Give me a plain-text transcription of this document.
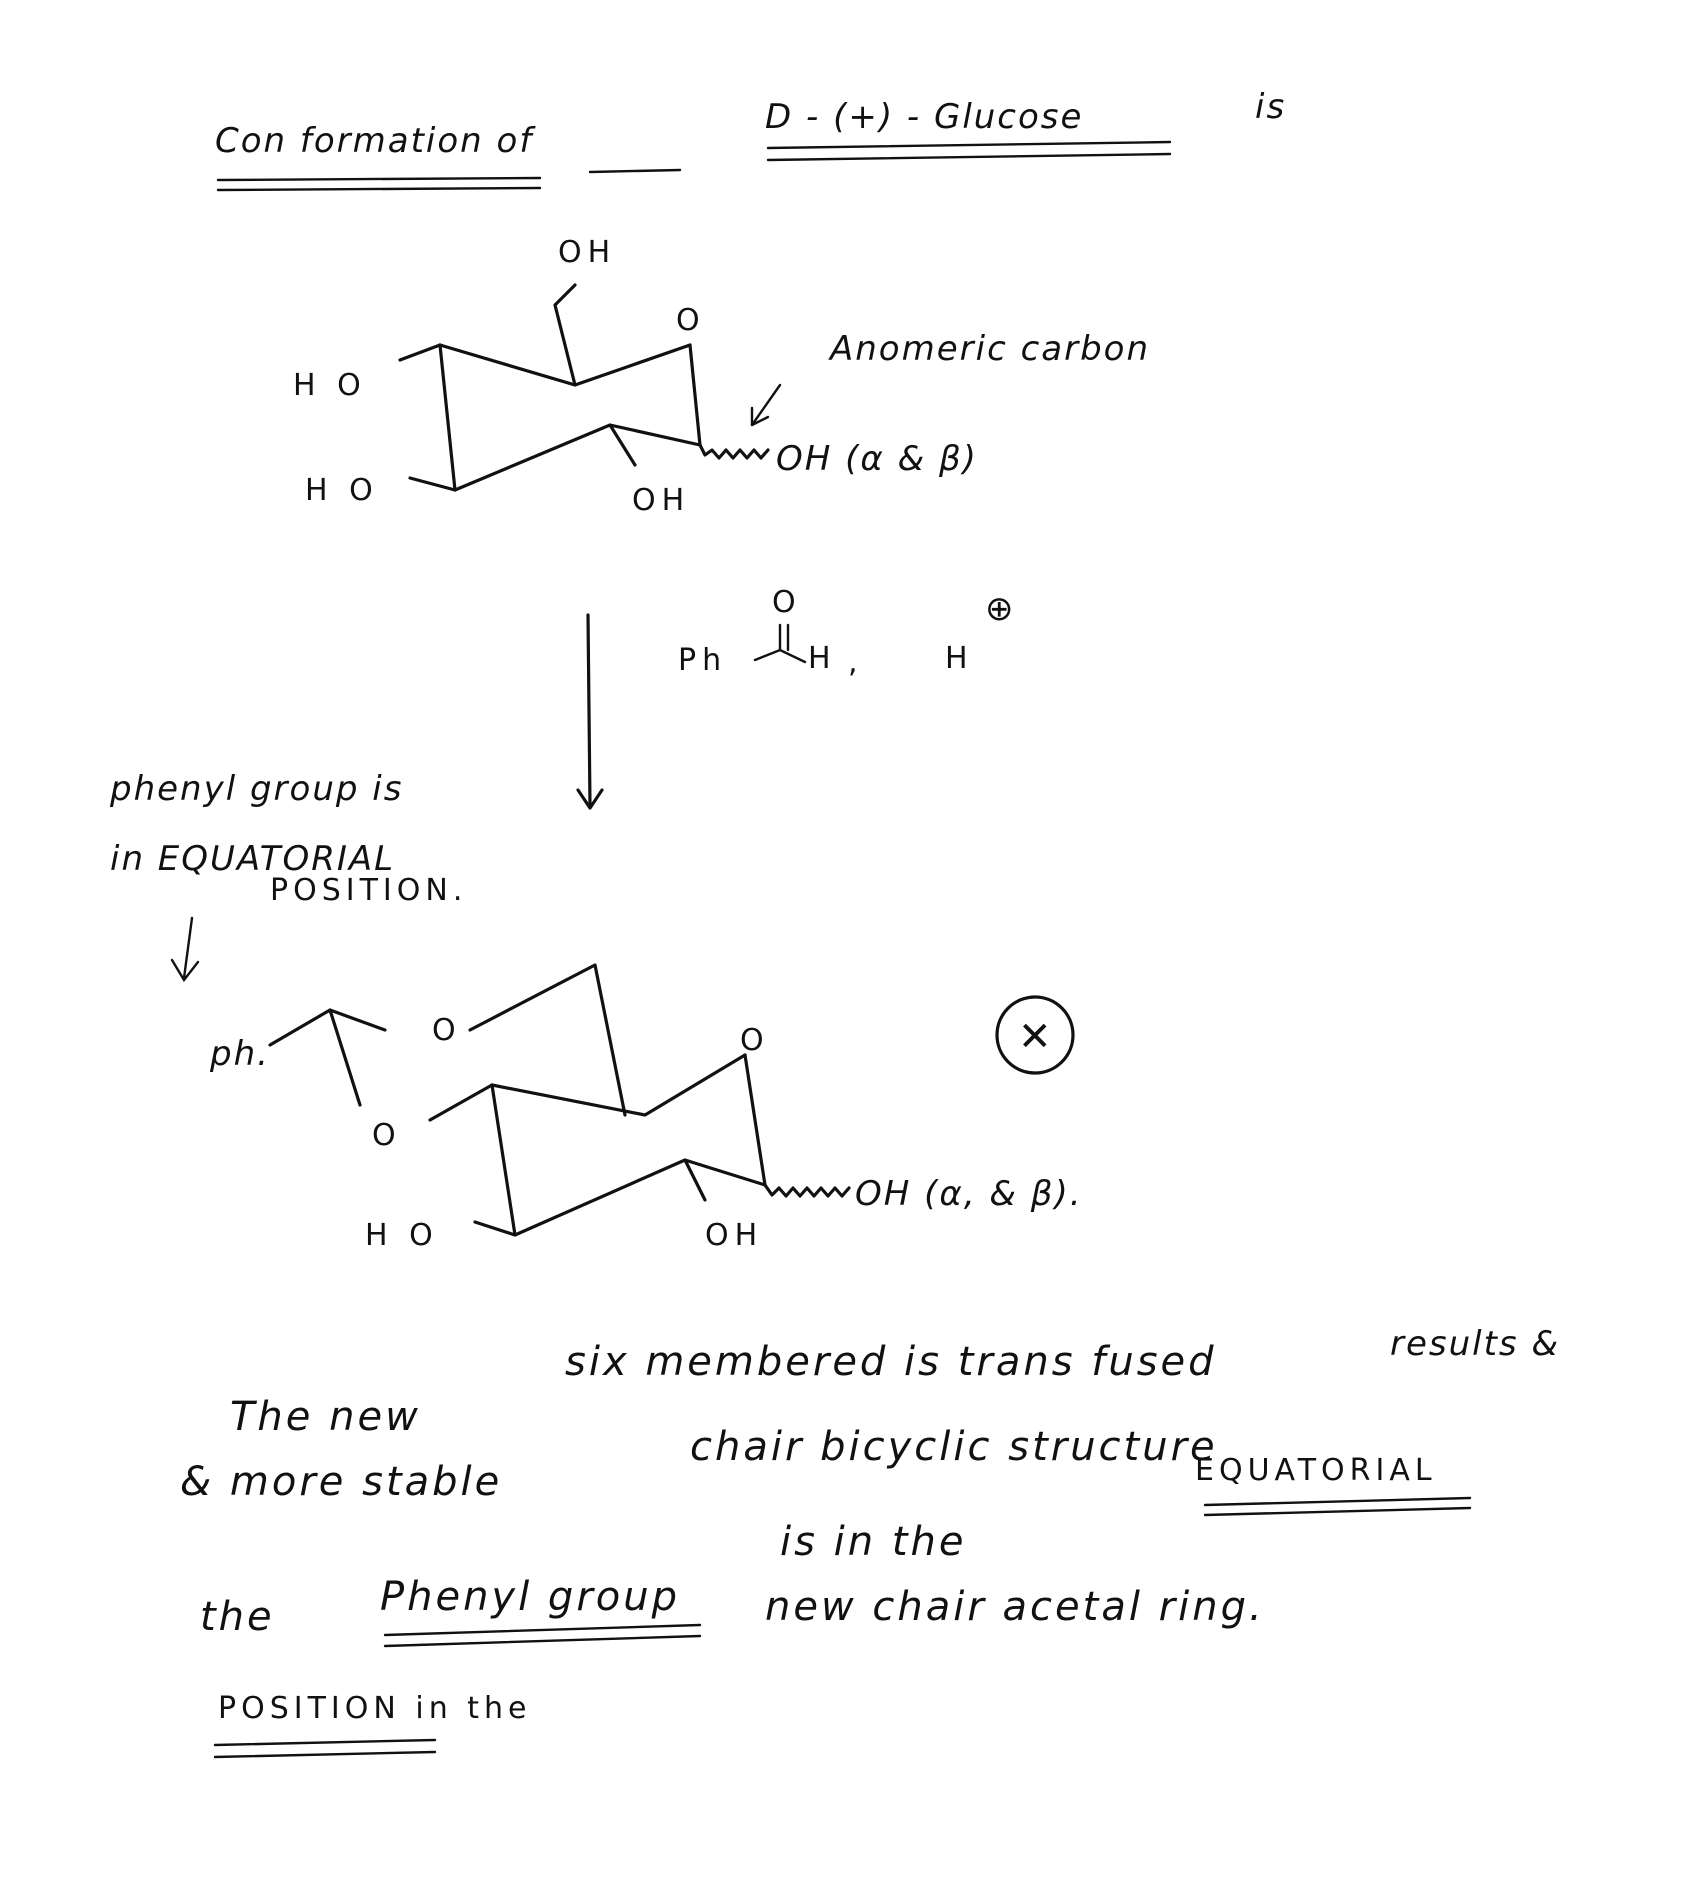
Con formation of
D - (+) - Glucose	is
OH
O
H O
H O	OH
OH (α & β)
Anomeric carbon
Ph
O
H ,	H
⊕
phenyl group is
in EQUATORIAL
POSITION.
ph.
O
O
O
H O	OH
OH (α, & β).
✕
six membered is trans fused
The new
results &
chair bicyclic structure
& more stable	EQUATORIAL
is in the
the	Phenyl group new chair acetal ring.
POSITION in the
